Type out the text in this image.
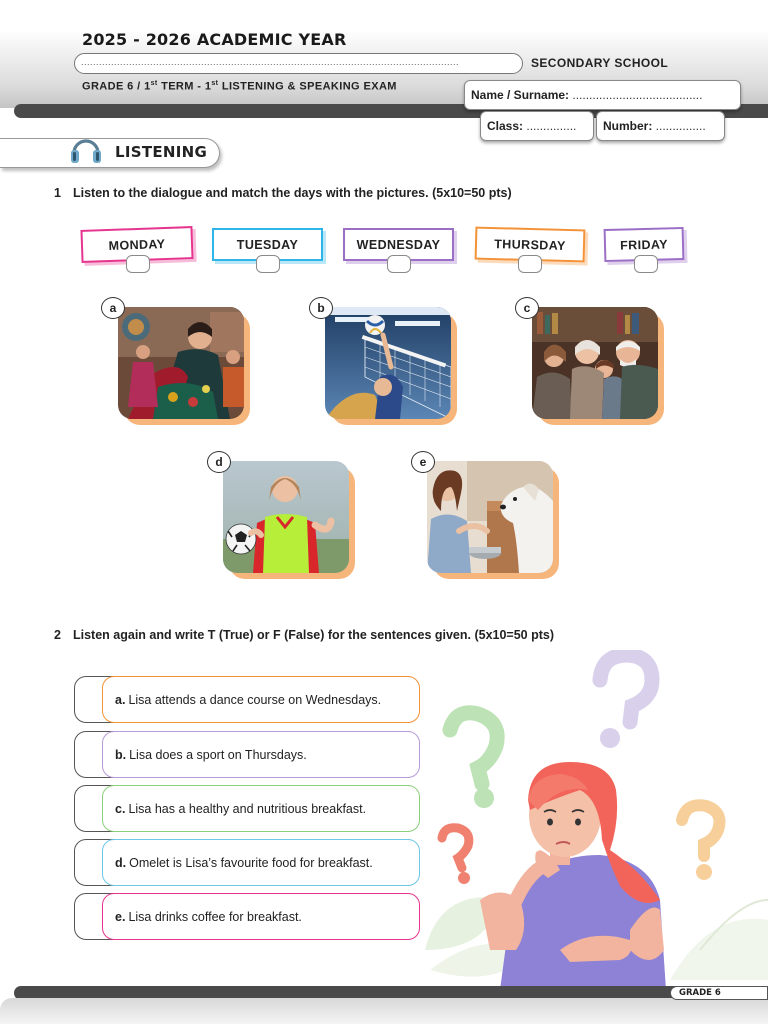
2025 - 2026 ACADEMIC YEAR
..............................................................................................................................	SECONDARY SCHOOL
GRADE 6 / 1st TERM - 1st LISTENING & SPEAKING EXAM
Name / Surname: .......................................
Class: ...............	Number: ...............
LISTENING
1 Listen to the dialogue and match the days with the pictures. (5x10=50 pts)
MONDAY	TUESDAY	WEDNESDAY	THURSDAY	FRIDAY
a	b	c
d	e
2 Listen again and write T (True) or F (False) for the sentences given. (5x10=50 pts)
a. Lisa attends a dance course on Wednesdays.
b. Lisa does a sport on Thursdays.
c. Lisa has a healthy and nutritious breakfast.
d. Omelet is Lisa’s favourite food for breakfast.
e. Lisa drinks coffee for breakfast.
GRADE 6
